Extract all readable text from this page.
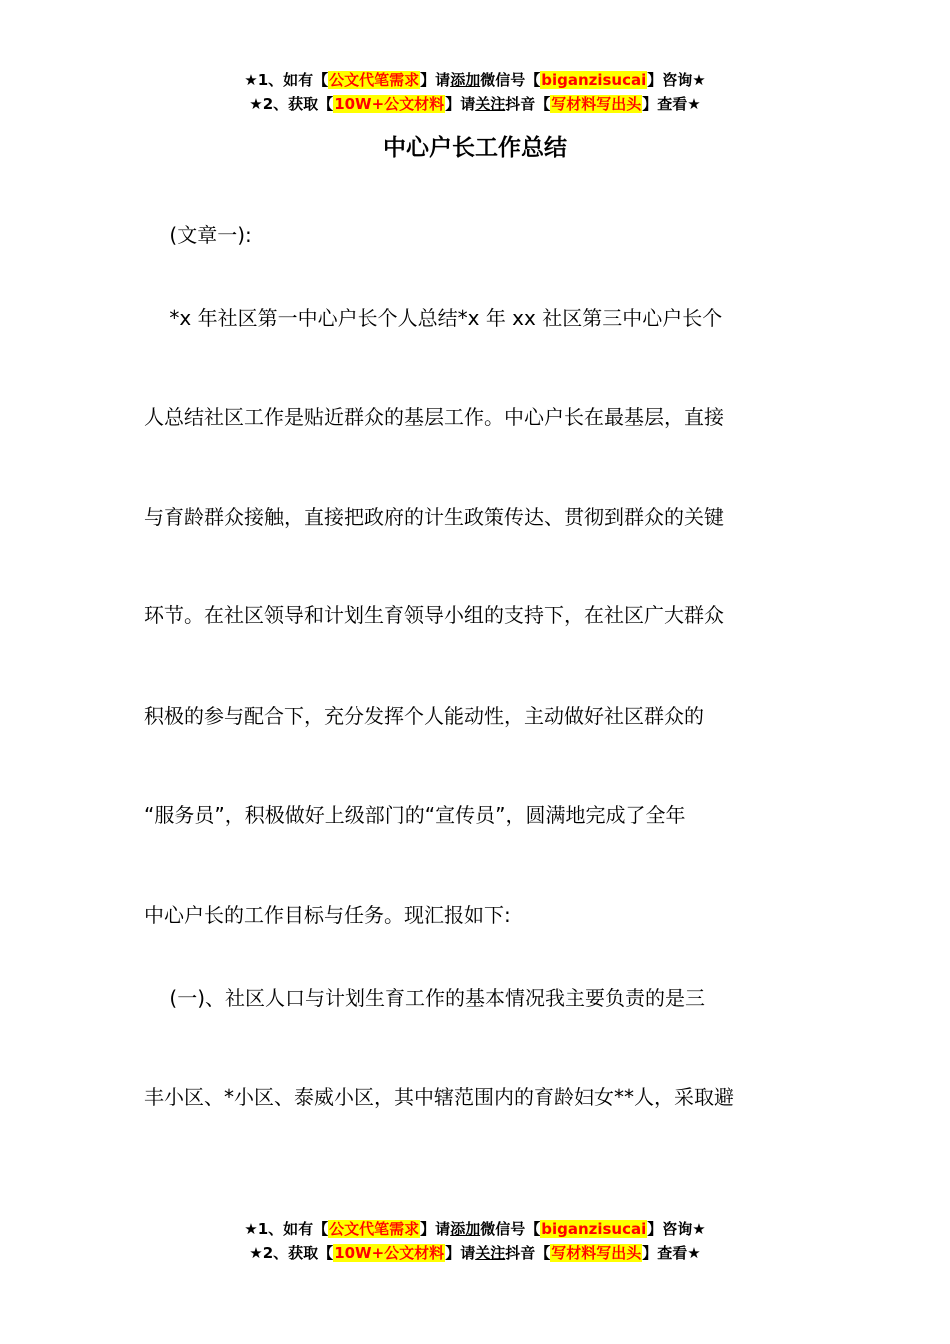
★1、如有【公文代笔需求】请添加微信号【biganzisucai】咨询★
★2、获取【10W+公文材料】请关注抖音【写材料写出头】查看★
中心户长工作总结
(文章一):
*x 年社区第一中心户长个人总结*x 年 xx 社区第三中心户长个
人总结社区工作是贴近群众的基层工作。中心户长在最基层，直接
与育龄群众接触，直接把政府的计生政策传达、贯彻到群众的关键
环节。在社区领导和计划生育领导小组的支持下，在社区广大群众
积极的参与配合下，充分发挥个人能动性，主动做好社区群众的
“服务员”，积极做好上级部门的“宣传员”，圆满地完成了全年
中心户长的工作目标与任务。现汇报如下:
(一)、社区人口与计划生育工作的基本情况我主要负责的是三
丰小区、*小区、泰威小区，其中辖范围内的育龄妇女**人，采取避
★1、如有【公文代笔需求】请添加微信号【biganzisucai】咨询★
★2、获取【10W+公文材料】请关注抖音【写材料写出头】查看★
